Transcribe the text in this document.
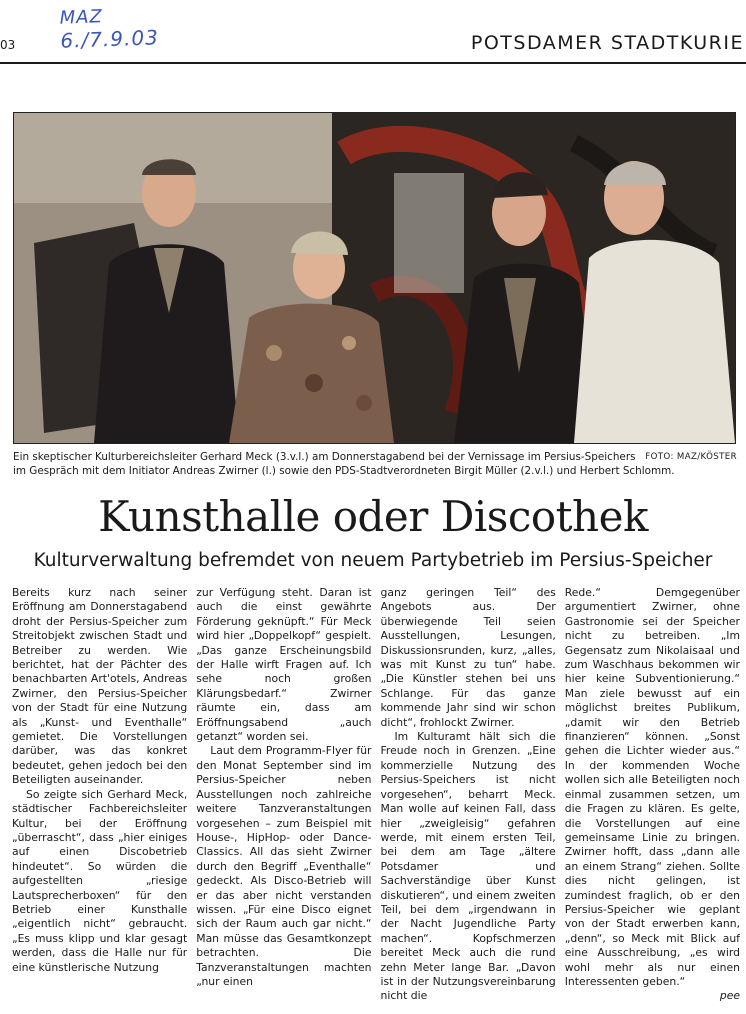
MAZ
6./7.9.03
03	POTSDAMER STADTKURIE
FOTO: MAZ/KÖSTER
Ein skeptischer Kulturbereichsleiter Gerhard Meck (3.v.l.) am Donnerstagabend bei der Vernissage im Persius-Speichers im Gespräch mit dem Initiator Andreas Zwirner (l.) sowie den PDS-Stadtverordneten Birgit Müller (2.v.l.) und Herbert Schlomm.
Kunsthalle oder Discothek
Kulturverwaltung befremdet von neuem Partybetrieb im Persius-Speicher

Bereits kurz nach seiner Eröffnung am Donnerstagabend droht der Persius-Speicher zum Streitobjekt zwischen Stadt und Betreiber zu werden. Wie berichtet, hat der Pächter des benachbarten Art'otels, Andreas Zwirner, den Persius-Speicher von der Stadt für eine Nutzung als „Kunst- und Eventhalle“ gemietet. Die Vorstellungen darüber, was das konkret bedeutet, gehen jedoch bei den Beteiligten auseinander.

So zeigte sich Gerhard Meck, städtischer Fachbereichsleiter Kultur, bei der Eröffnung „überrascht“, dass „hier einiges auf einen Discobetrieb hindeutet“. So würden die aufgestellten „riesige Lautsprecherboxen“ für den Betrieb einer Kunsthalle „eigentlich nicht“ gebraucht. „Es muss klipp und klar gesagt werden, dass die Halle nur für eine künstlerische Nutzung

zur Verfügung steht. Daran ist auch die einst gewährte Förderung geknüpft.“ Für Meck wird hier „Doppelkopf“ gespielt. „Das ganze Erscheinungsbild der Halle wirft Fragen auf. Ich sehe noch großen Klärungsbedarf.“ Zwirner räumte ein, dass am Eröffnungsabend „auch getanzt“ worden sei.

Laut dem Programm-Flyer für den Monat September sind im Persius-Speicher neben Ausstellungen noch zahlreiche weitere Tanzveranstaltungen vorgesehen – zum Beispiel mit House-, HipHop- oder Dance-Classics. All das sieht Zwirner durch den Begriff „Eventhalle“ gedeckt. Als Disco-Betrieb will er das aber nicht verstanden wissen. „Für eine Disco eignet sich der Raum auch gar nicht.“ Man müsse das Gesamtkonzept betrachten. Die Tanzveranstaltungen machten „nur einen

ganz geringen Teil“ des Angebots aus. Der überwiegende Teil seien Ausstellungen, Lesungen, Diskussionsrunden, kurz, „alles, was mit Kunst zu tun“ habe. „Die Künstler stehen bei uns Schlange. Für das ganze kommende Jahr sind wir schon dicht“, frohlockt Zwirner.

Im Kulturamt hält sich die Freude noch in Grenzen. „Eine kommerzielle Nutzung des Persius-Speichers ist nicht vorgesehen“, beharrt Meck. Man wolle auf keinen Fall, dass hier „zweigleisig“ gefahren werde, mit einem ersten Teil, bei dem am Tage „ältere Potsdamer und Sachverständige über Kunst diskutieren“, und einem zweiten Teil, bei dem „irgendwann in der Nacht Jugendliche Party machen“. Kopfschmerzen bereitet Meck auch die rund zehn Meter lange Bar. „Davon ist in der Nutzungsvereinbarung nicht die

Rede.“ Demgegenüber argumentiert Zwirner, ohne Gastronomie sei der Speicher nicht zu betreiben. „Im Gegensatz zum Nikolaisaal und zum Waschhaus bekommen wir hier keine Subventionierung.“ Man ziele bewusst auf ein möglichst breites Publikum, „damit wir den Betrieb finanzieren“ können. „Sonst gehen die Lichter wieder aus.“ In der kommenden Woche wollen sich alle Beteiligten noch einmal zusammen setzen, um die Fragen zu klären. Es gelte, die Vorstellungen auf eine gemeinsame Linie zu bringen. Zwirner hofft, dass „dann alle an einem Strang“ ziehen. Sollte dies nicht gelingen, ist zumindest fraglich, ob er den Persius-Speicher wie geplant von der Stadt erwerben kann, „denn“, so Meck mit Blick auf eine Ausschreibung, „es wird wohl mehr als nur einen Interessenten geben.“

pee
